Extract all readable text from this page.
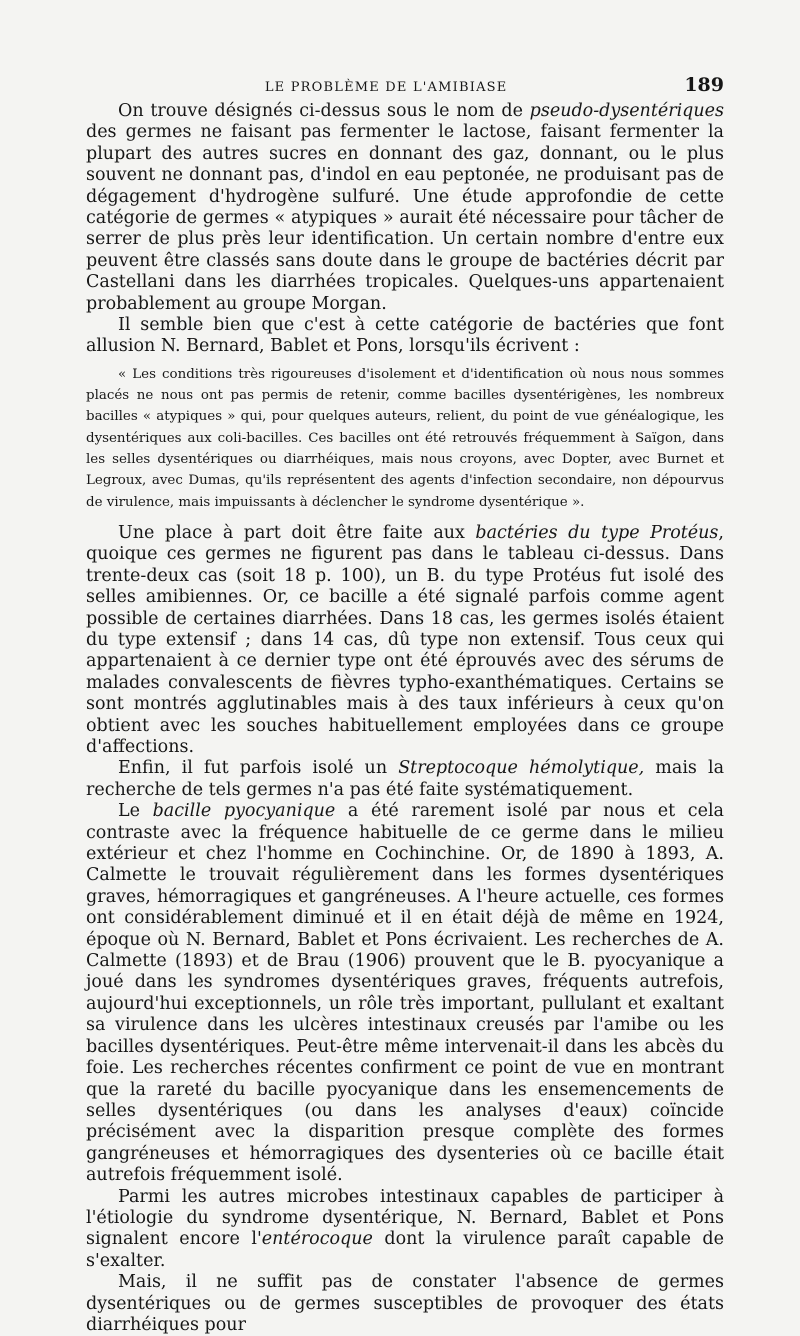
LE PROBLÈME DE L'AMIBIASE	189

On trouve désignés ci-dessus sous le nom de pseudo-dysentériques des germes ne faisant pas fermenter le lactose, faisant fermenter la plupart des autres sucres en donnant des gaz, donnant, ou le plus souvent ne donnant pas, d'indol en eau peptonée, ne produisant pas de dégagement d'hydrogène sulfuré. Une étude approfondie de cette catégorie de germes « atypiques » aurait été nécessaire pour tâcher de serrer de plus près leur identification. Un certain nombre d'entre eux peuvent être classés sans doute dans le groupe de bactéries décrit par Castellani dans les diarrhées tropicales. Quelques-uns appartenaient probablement au groupe Morgan.

Il semble bien que c'est à cette catégorie de bactéries que font allusion N. Bernard, Bablet et Pons, lorsqu'ils écrivent :

« Les conditions très rigoureuses d'isolement et d'identification où nous nous sommes placés ne nous ont pas permis de retenir, comme bacilles dysentérigènes, les nombreux bacilles « atypiques » qui, pour quelques auteurs, relient, du point de vue généalogique, les dysentériques aux coli-bacilles. Ces bacilles ont été retrouvés fréquemment à Saïgon, dans les selles dysentériques ou diarrhéiques, mais nous croyons, avec Dopter, avec Burnet et Legroux, avec Dumas, qu'ils représentent des agents d'infection secondaire, non dépourvus de virulence, mais impuissants à déclencher le syndrome dysentérique ».

Une place à part doit être faite aux bactéries du type Protéus, quoique ces germes ne figurent pas dans le tableau ci-dessus. Dans trente-deux cas (soit 18 p. 100), un B. du type Protéus fut isolé des selles amibiennes. Or, ce bacille a été signalé parfois comme agent possible de certaines diarrhées. Dans 18 cas, les germes isolés étaient du type extensif ; dans 14 cas, dû type non extensif. Tous ceux qui appartenaient à ce dernier type ont été éprouvés avec des sérums de malades convalescents de fièvres typho-exanthématiques. Certains se sont montrés agglutinables mais à des taux inférieurs à ceux qu'on obtient avec les souches habituellement employées dans ce groupe d'affections.

Enfin, il fut parfois isolé un Streptocoque hémolytique, mais la recherche de tels germes n'a pas été faite systématiquement.

Le bacille pyocyanique a été rarement isolé par nous et cela contraste avec la fréquence habituelle de ce germe dans le milieu extérieur et chez l'homme en Cochinchine. Or, de 1890 à 1893, A. Calmette le trouvait régulièrement dans les formes dysentériques graves, hémorragiques et gangréneuses. A l'heure actuelle, ces formes ont considérablement diminué et il en était déjà de même en 1924, époque où N. Bernard, Bablet et Pons écrivaient. Les recherches de A. Calmette (1893) et de Brau (1906) prouvent que le B. pyocyanique a joué dans les syndromes dysentériques graves, fréquents autrefois, aujourd'hui exceptionnels, un rôle très important, pullulant et exaltant sa virulence dans les ulcères intestinaux creusés par l'amibe ou les bacilles dysentériques. Peut-être même intervenait-il dans les abcès du foie. Les recherches récentes confirment ce point de vue en montrant que la rareté du bacille pyocyanique dans les ensemencements de selles dysentériques (ou dans les analyses d'eaux) coïncide précisément avec la disparition presque complète des formes gangréneuses et hémorragiques des dysenteries où ce bacille était autrefois fréquemment isolé.

Parmi les autres microbes intestinaux capables de participer à l'étiologie du syndrome dysentérique, N. Bernard, Bablet et Pons signalent encore l'entérocoque dont la virulence paraît capable de s'exalter.

Mais, il ne suffit pas de constater l'absence de germes dysentériques ou de germes susceptibles de provoquer des états diarrhéiques pour
